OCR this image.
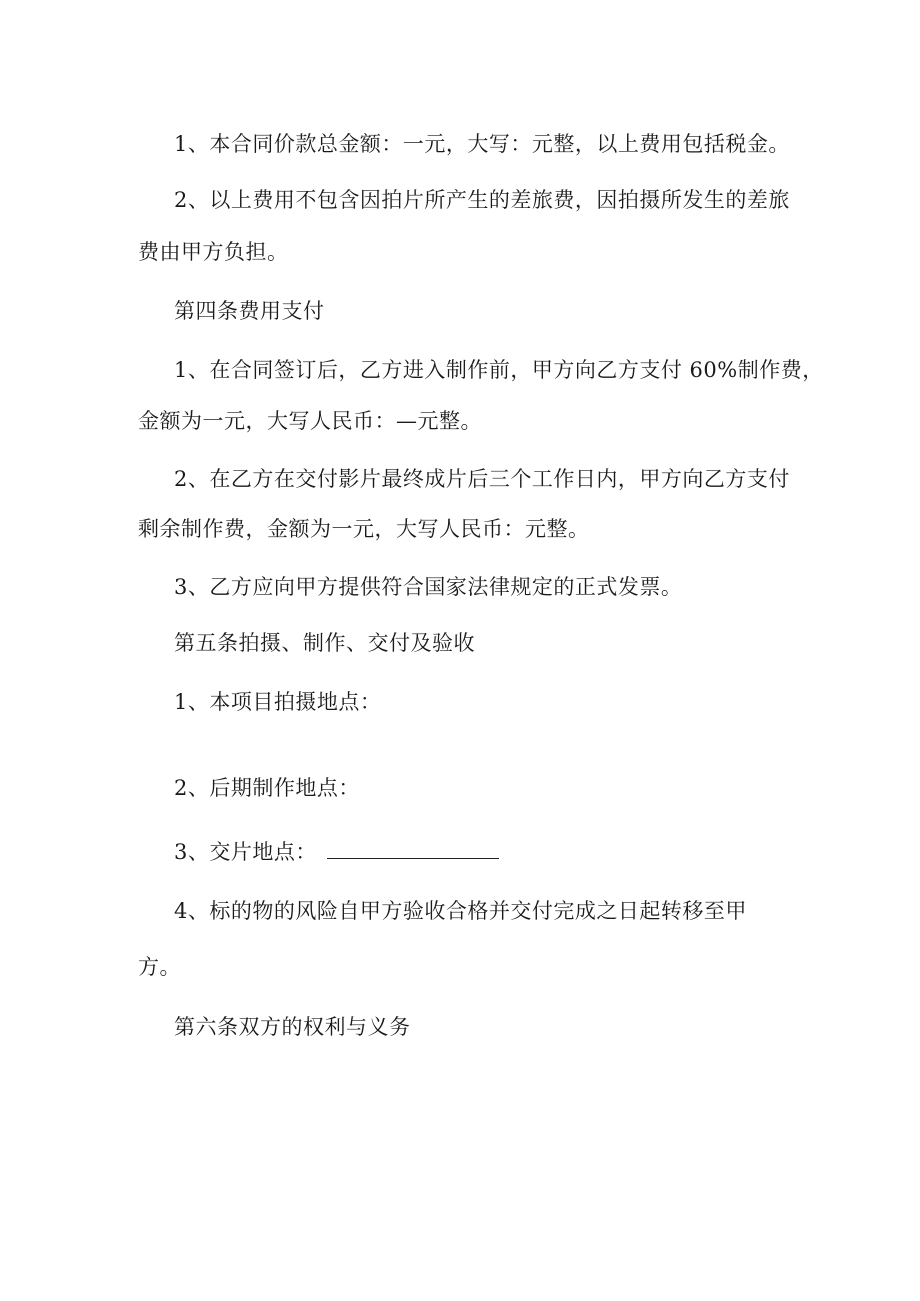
1、本合同价款总金额：一元，大写：元整，以上费用包括税金。
2、以上费用不包含因拍片所产生的差旅费，因拍摄所发生的差旅
费由甲方负担。
第四条费用支付
1、在合同签订后，乙方进入制作前，甲方向乙方支付 60%制作费，
金额为一元，大写人民币：—元整。
2、在乙方在交付影片最终成片后三个工作日内，甲方向乙方支付
剩余制作费，金额为一元，大写人民币：元整。
3、乙方应向甲方提供符合国家法律规定的正式发票。
第五条拍摄、制作、交付及验收
1、本项目拍摄地点：
2、后期制作地点：
3、交片地点：
4、标的物的风险自甲方验收合格并交付完成之日起转移至甲
方。
第六条双方的权利与义务
